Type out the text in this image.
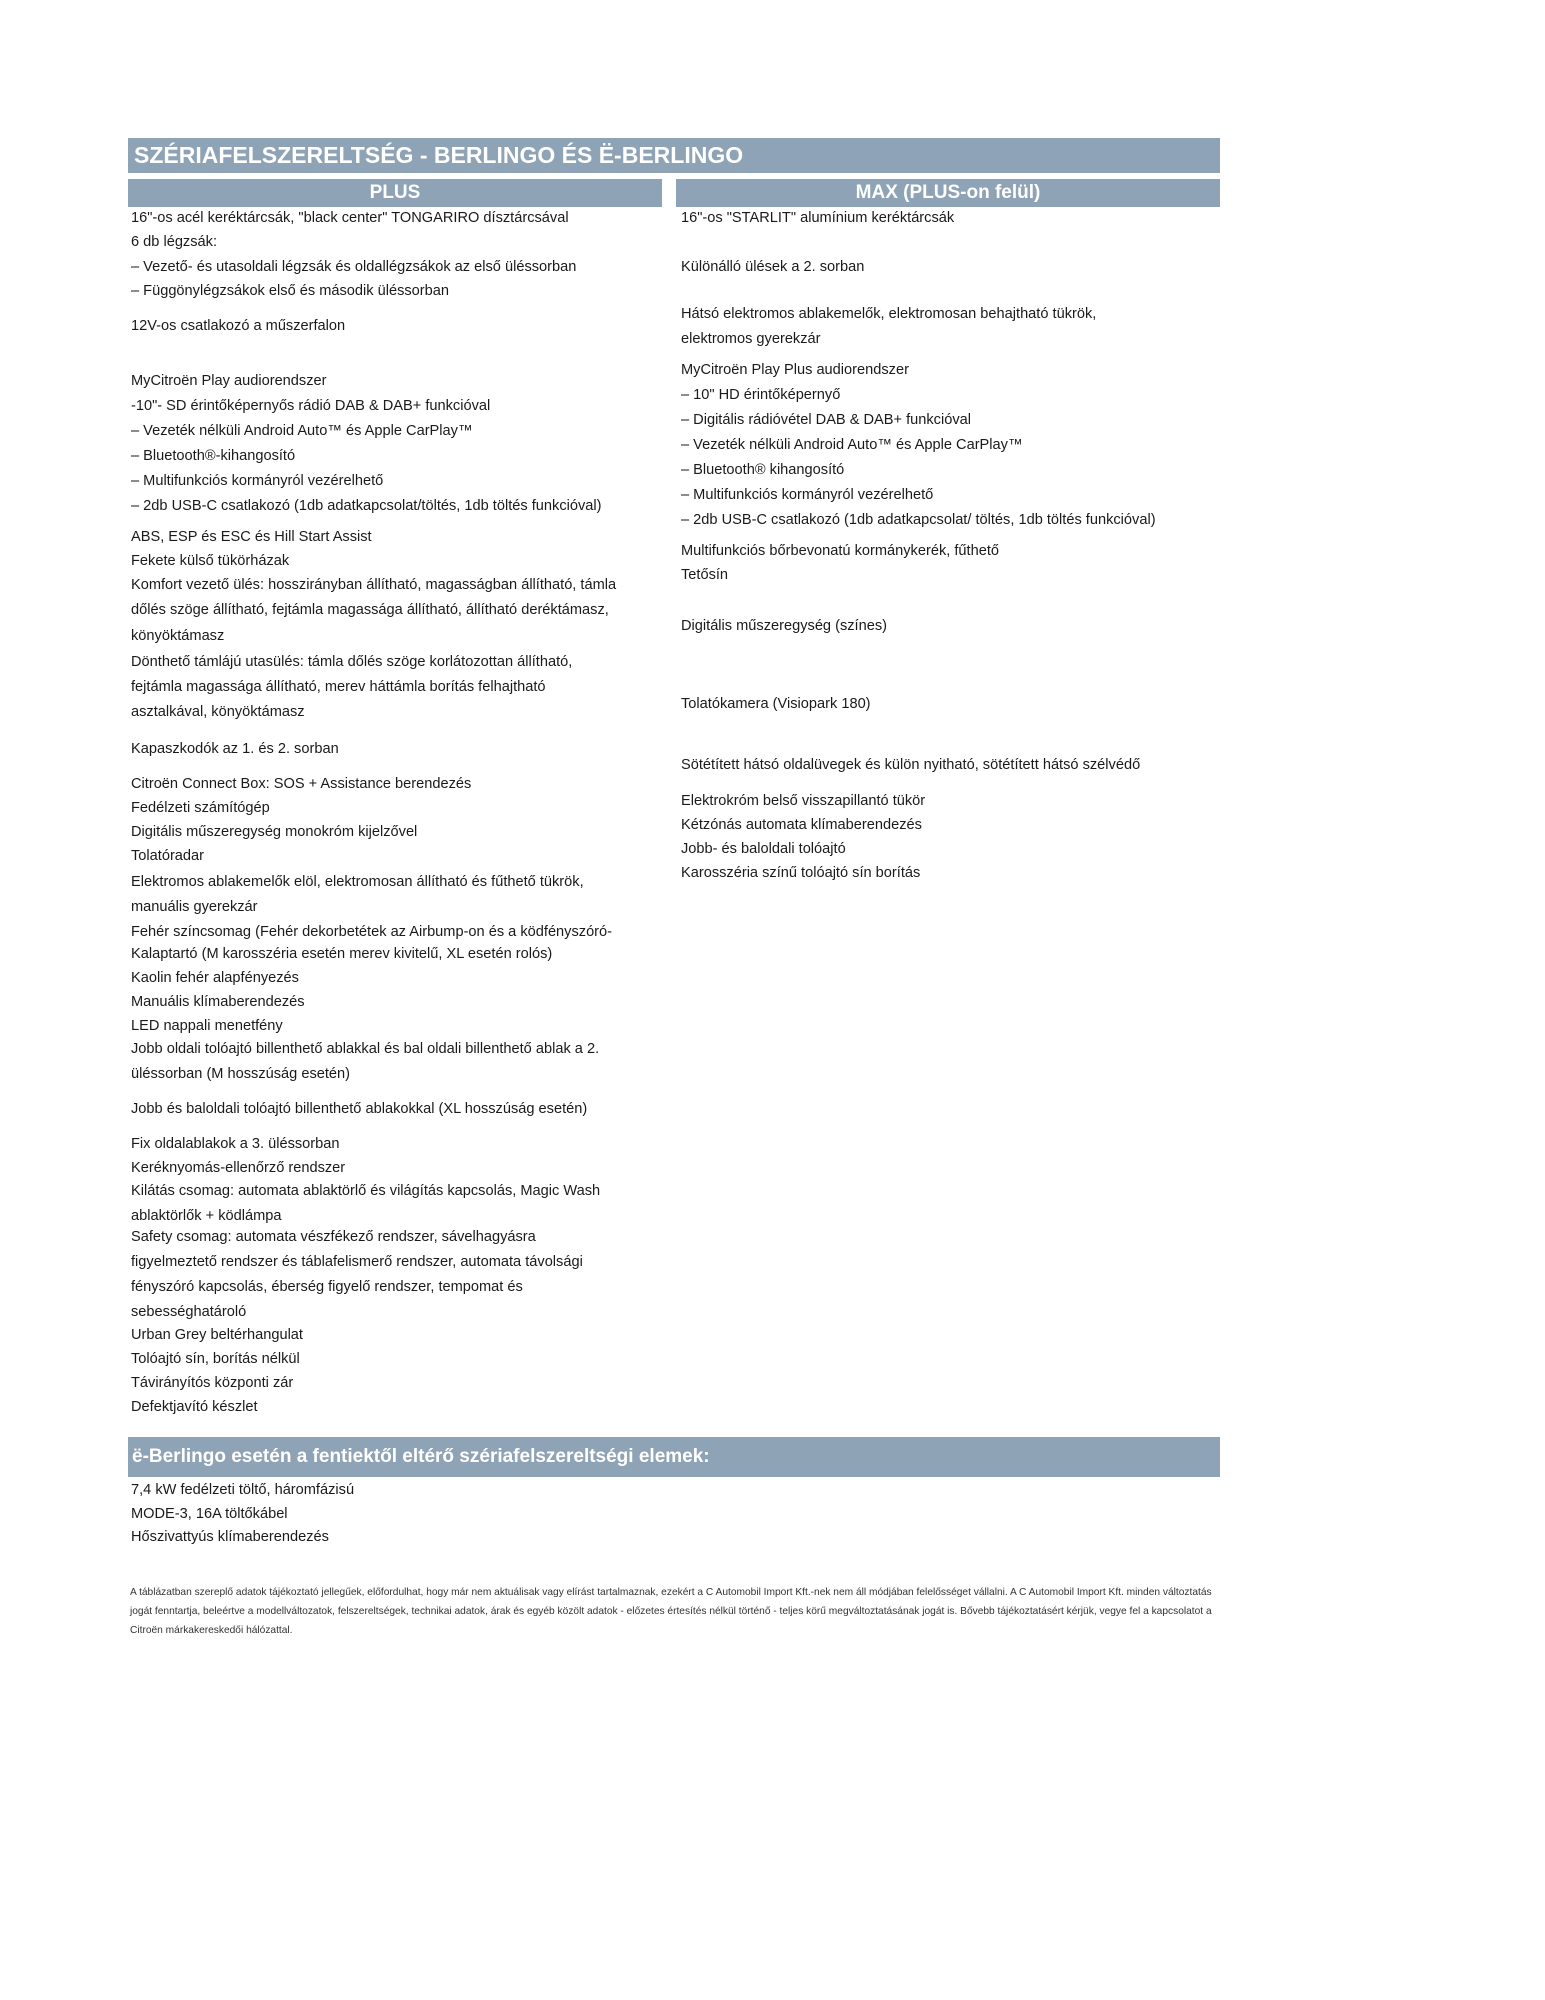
SZÉRIAFELSZERELTSÉG - BERLINGO ÉS Ë-BERLINGO
PLUS	MAX (PLUS-on felül)
16"-os acél keréktárcsák, "black center" TONGARIRO dísztárcsával
6 db légzsák:
– Vezető- és utasoldali légzsák és oldallégzsákok az első üléssorban
– Függönylégzsákok első és második üléssorban
12V-os csatlakozó a műszerfalon
MyCitroën Play audiorendszer
-10"- SD érintőképernyős rádió DAB & DAB+ funkcióval
– Vezeték nélküli Android Auto™ és Apple CarPlay™
– Bluetooth®-kihangosító
– Multifunkciós kormányról vezérelhető
– 2db USB-C csatlakozó (1db adatkapcsolat/töltés, 1db töltés funkcióval)
ABS, ESP és ESC és Hill Start Assist
Fekete külső tükörházak
Komfort vezető ülés: hosszirányban állítható, magasságban állítható, támla
dőlés szöge állítható, fejtámla magassága állítható, állítható deréktámasz,
könyöktámasz
Dönthető támlájú utasülés: támla dőlés szöge korlátozottan állítható,
fejtámla magassága állítható, merev háttámla borítás felhajtható
asztalkával, könyöktámasz
Kapaszkodók az 1. és 2. sorban
Citroën Connect Box: SOS + Assistance berendezés
Fedélzeti számítógép
Digitális műszeregység monokróm kijelzővel
Tolatóradar
Elektromos ablakemelők elöl, elektromosan állítható és fűthető tükrök,
manuális gyerekzár
Fehér színcsomag (Fehér dekorbetétek az Airbump-on és a ködfényszóró-
Kalaptartó (M karosszéria esetén merev kivitelű, XL esetén rolós)
Kaolin fehér alapfényezés
Manuális klímaberendezés
LED nappali menetfény
Jobb oldali tolóajtó billenthető ablakkal és bal oldali billenthető ablak a 2.
üléssorban (M hosszúság esetén)
Jobb és baloldali tolóajtó billenthető ablakokkal (XL hosszúság esetén)
Fix oldalablakok a 3. üléssorban
Keréknyomás-ellenőrző rendszer
Kilátás csomag: automata ablaktörlő és világítás kapcsolás, Magic Wash
ablaktörlők + ködlámpa
Safety csomag: automata vészfékező rendszer, sávelhagyásra
figyelmeztető rendszer és táblafelismerő rendszer, automata távolsági
fényszóró kapcsolás, éberség figyelő rendszer, tempomat és
sebességhatároló
Urban Grey beltérhangulat
Tolóajtó sín, borítás nélkül
Távirányítós központi zár
Defektjavító készlet
16"-os "STARLIT" alumínium keréktárcsák
Különálló ülések a 2. sorban
Hátsó elektromos ablakemelők, elektromosan behajtható tükrök,
elektromos gyerekzár
MyCitroën Play Plus audiorendszer
– 10" HD érintőképernyő
– Digitális rádióvétel DAB & DAB+ funkcióval
– Vezeték nélküli Android Auto™ és Apple CarPlay™
– Bluetooth® kihangosító
– Multifunkciós kormányról vezérelhető
– 2db USB-C csatlakozó (1db adatkapcsolat/ töltés, 1db töltés funkcióval)
Multifunkciós bőrbevonatú kormánykerék, fűthető
Tetősín
Digitális műszeregység (színes)
Tolatókamera (Visiopark 180)
Sötétített hátsó oldalüvegek és külön nyitható, sötétített hátsó szélvédő
Elektrokróm belső visszapillantó tükör
Kétzónás automata klímaberendezés
Jobb- és baloldali tolóajtó
Karosszéria színű tolóajtó sín borítás
ë-Berlingo esetén a fentiektől eltérő szériafelszereltségi elemek:
7,4 kW fedélzeti töltő, háromfázisú
MODE-3, 16A töltőkábel
Hőszivattyús klímaberendezés
A táblázatban szereplő adatok tájékoztató jellegűek, előfordulhat, hogy már nem aktuálisak vagy elírást tartalmaznak, ezekért a C Automobil Import Kft.-nek nem áll módjában felelősséget vállalni. A C Automobil Import Kft. minden változtatás jogát fenntartja, beleértve a modellváltozatok, felszereltségek, technikai adatok, árak és egyéb közölt adatok - előzetes értesítés nélkül történő - teljes körű megváltoztatásának jogát is. Bővebb tájékoztatásért kérjük, vegye fel a kapcsolatot a Citroën márkakereskedői hálózattal.
